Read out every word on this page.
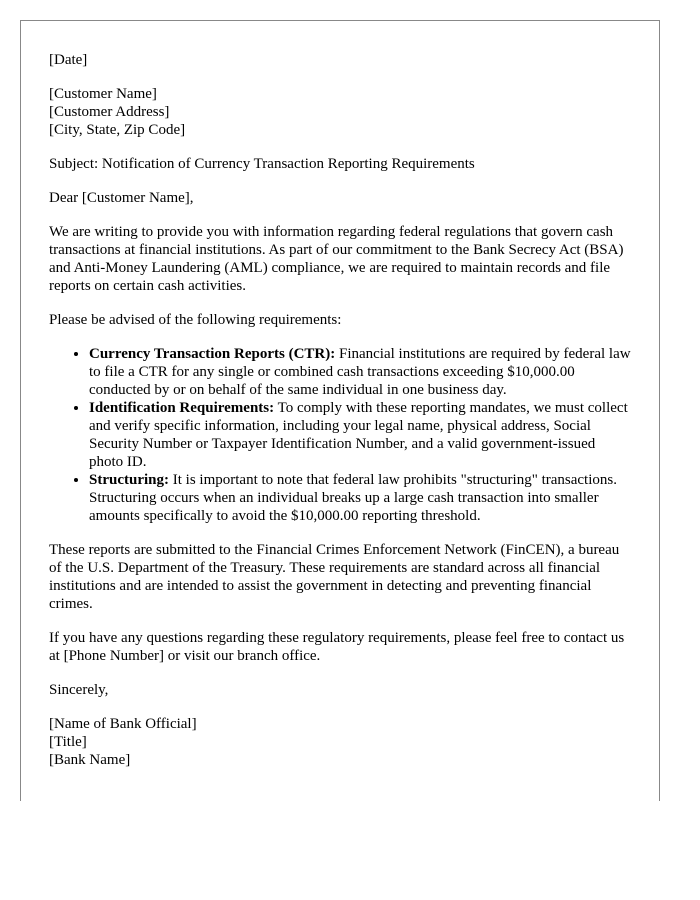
[Date]
[Customer Name]
[Customer Address]
[City, State, Zip Code]

Subject: Notification of Currency Transaction Reporting Requirements

Dear [Customer Name],

We are writing to provide you with information regarding federal regulations that govern cash transactions at financial institutions. As part of our commitment to the Bank Secrecy Act (BSA) and Anti-Money Laundering (AML) compliance, we are required to maintain records and file reports on certain cash activities.

Please be advised of the following requirements:

• Currency Transaction Reports (CTR): Financial institutions are required by federal law to file a CTR for any single or combined cash transactions exceeding $10,000.00 conducted by or on behalf of the same individual in one business day.
• Identification Requirements: To comply with these reporting mandates, we must collect and verify specific information, including your legal name, physical address, Social Security Number or Taxpayer Identification Number, and a valid government-issued photo ID.
• Structuring: It is important to note that federal law prohibits "structuring" transactions. Structuring occurs when an individual breaks up a large cash transaction into smaller amounts specifically to avoid the $10,000.00 reporting threshold.

These reports are submitted to the Financial Crimes Enforcement Network (FinCEN), a bureau of the U.S. Department of the Treasury. These requirements are standard across all financial institutions and are intended to assist the government in detecting and preventing financial crimes.

If you have any questions regarding these regulatory requirements, please feel free to contact us at [Phone Number] or visit our branch office.

Sincerely,

[Name of Bank Official]
[Title]
[Bank Name]
